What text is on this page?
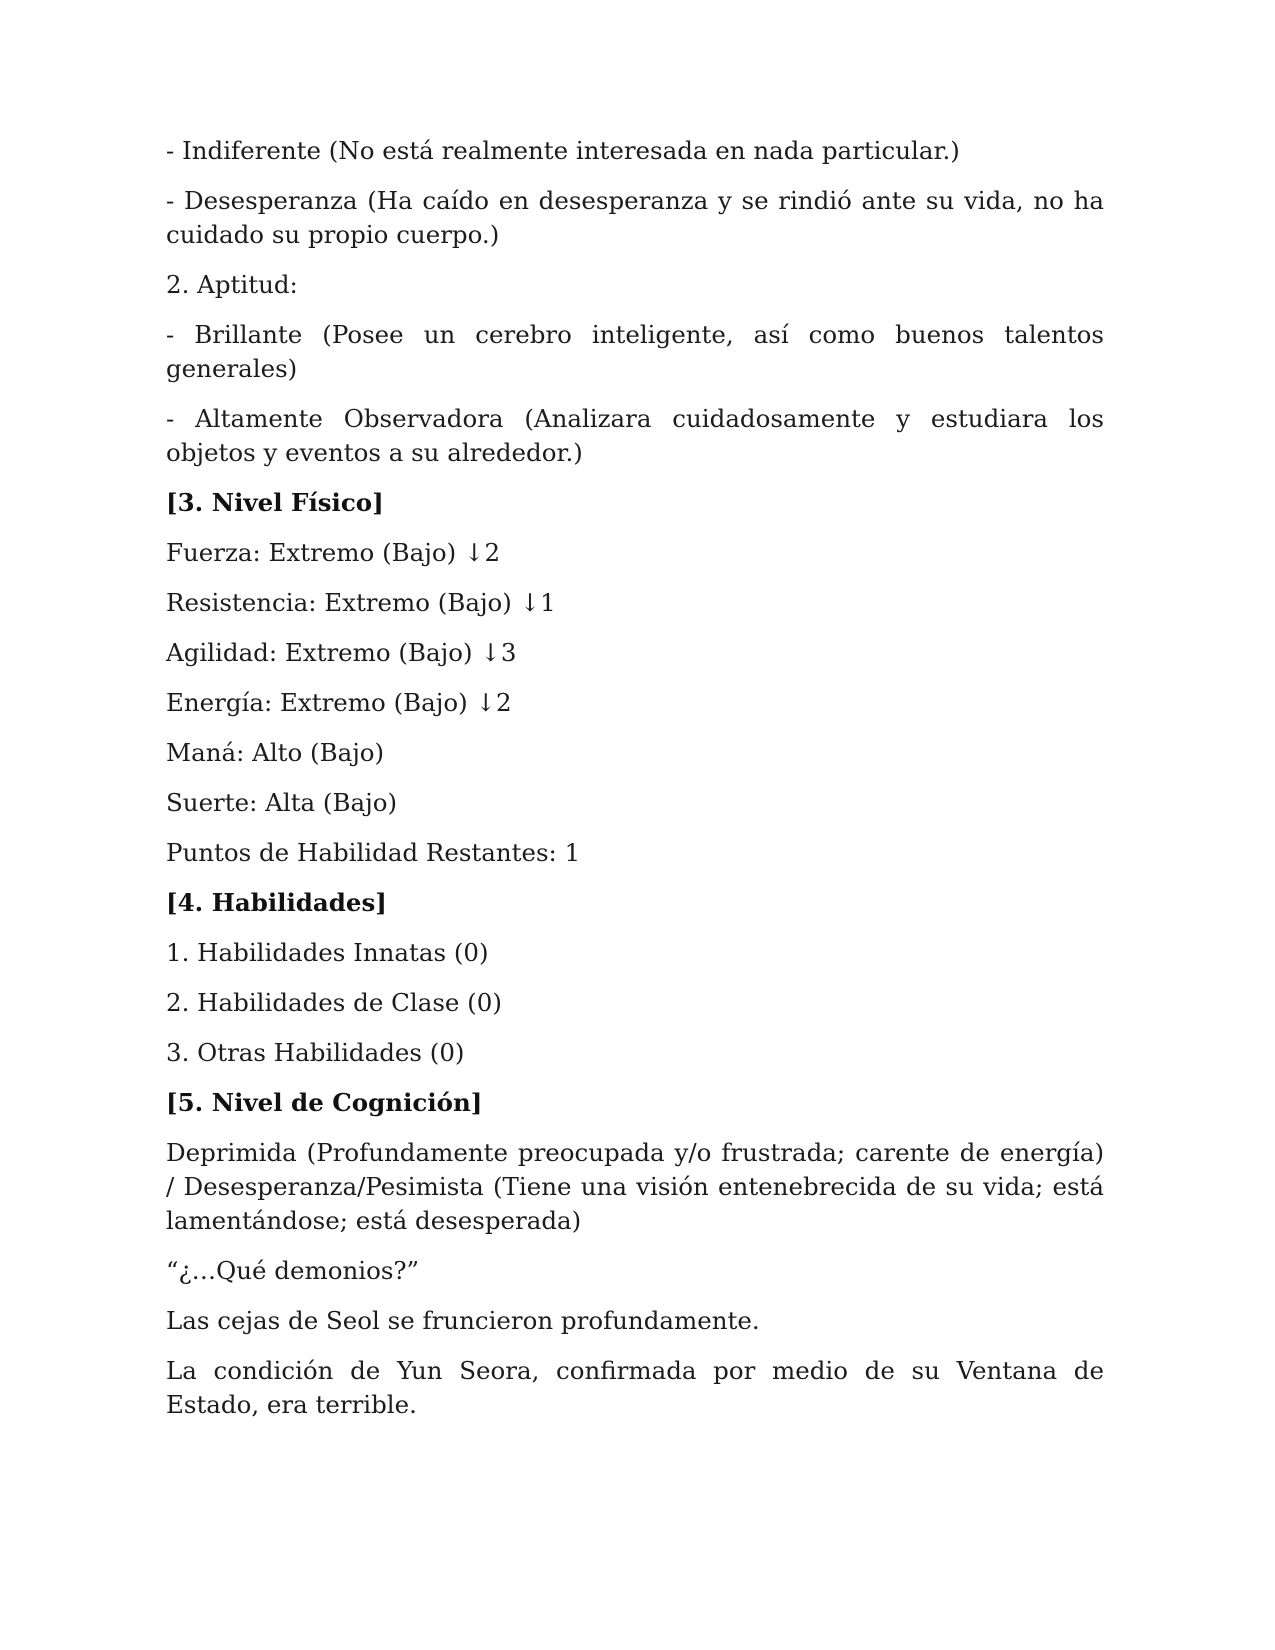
- Indiferente (No está realmente interesada en nada particular.)

- Desesperanza (Ha caído en desesperanza y se rindió ante su vida, no ha cuidado su propio cuerpo.)

2. Aptitud:

- Brillante (Posee un cerebro inteligente, así como buenos talentos generales)

- Altamente Observadora (Analizara cuidadosamente y estudiara los objetos y eventos a su alrededor.)

[3. Nivel Físico]

Fuerza: Extremo (Bajo) ↓2

Resistencia: Extremo (Bajo) ↓1

Agilidad: Extremo (Bajo) ↓3

Energía: Extremo (Bajo) ↓2

Maná: Alto (Bajo)

Suerte: Alta (Bajo)

Puntos de Habilidad Restantes: 1

[4. Habilidades]

1. Habilidades Innatas (0)

2. Habilidades de Clase (0)

3. Otras Habilidades (0)

[5. Nivel de Cognición]

Deprimida (Profundamente preocupada y/o frustrada; carente de energía) / Desesperanza/Pesimista (Tiene una visión entenebrecida de su vida; está lamentándose; está desesperada)

“¿…Qué demonios?”

Las cejas de Seol se fruncieron profundamente.

La condición de Yun Seora, confirmada por medio de su Ventana de Estado, era terrible.
